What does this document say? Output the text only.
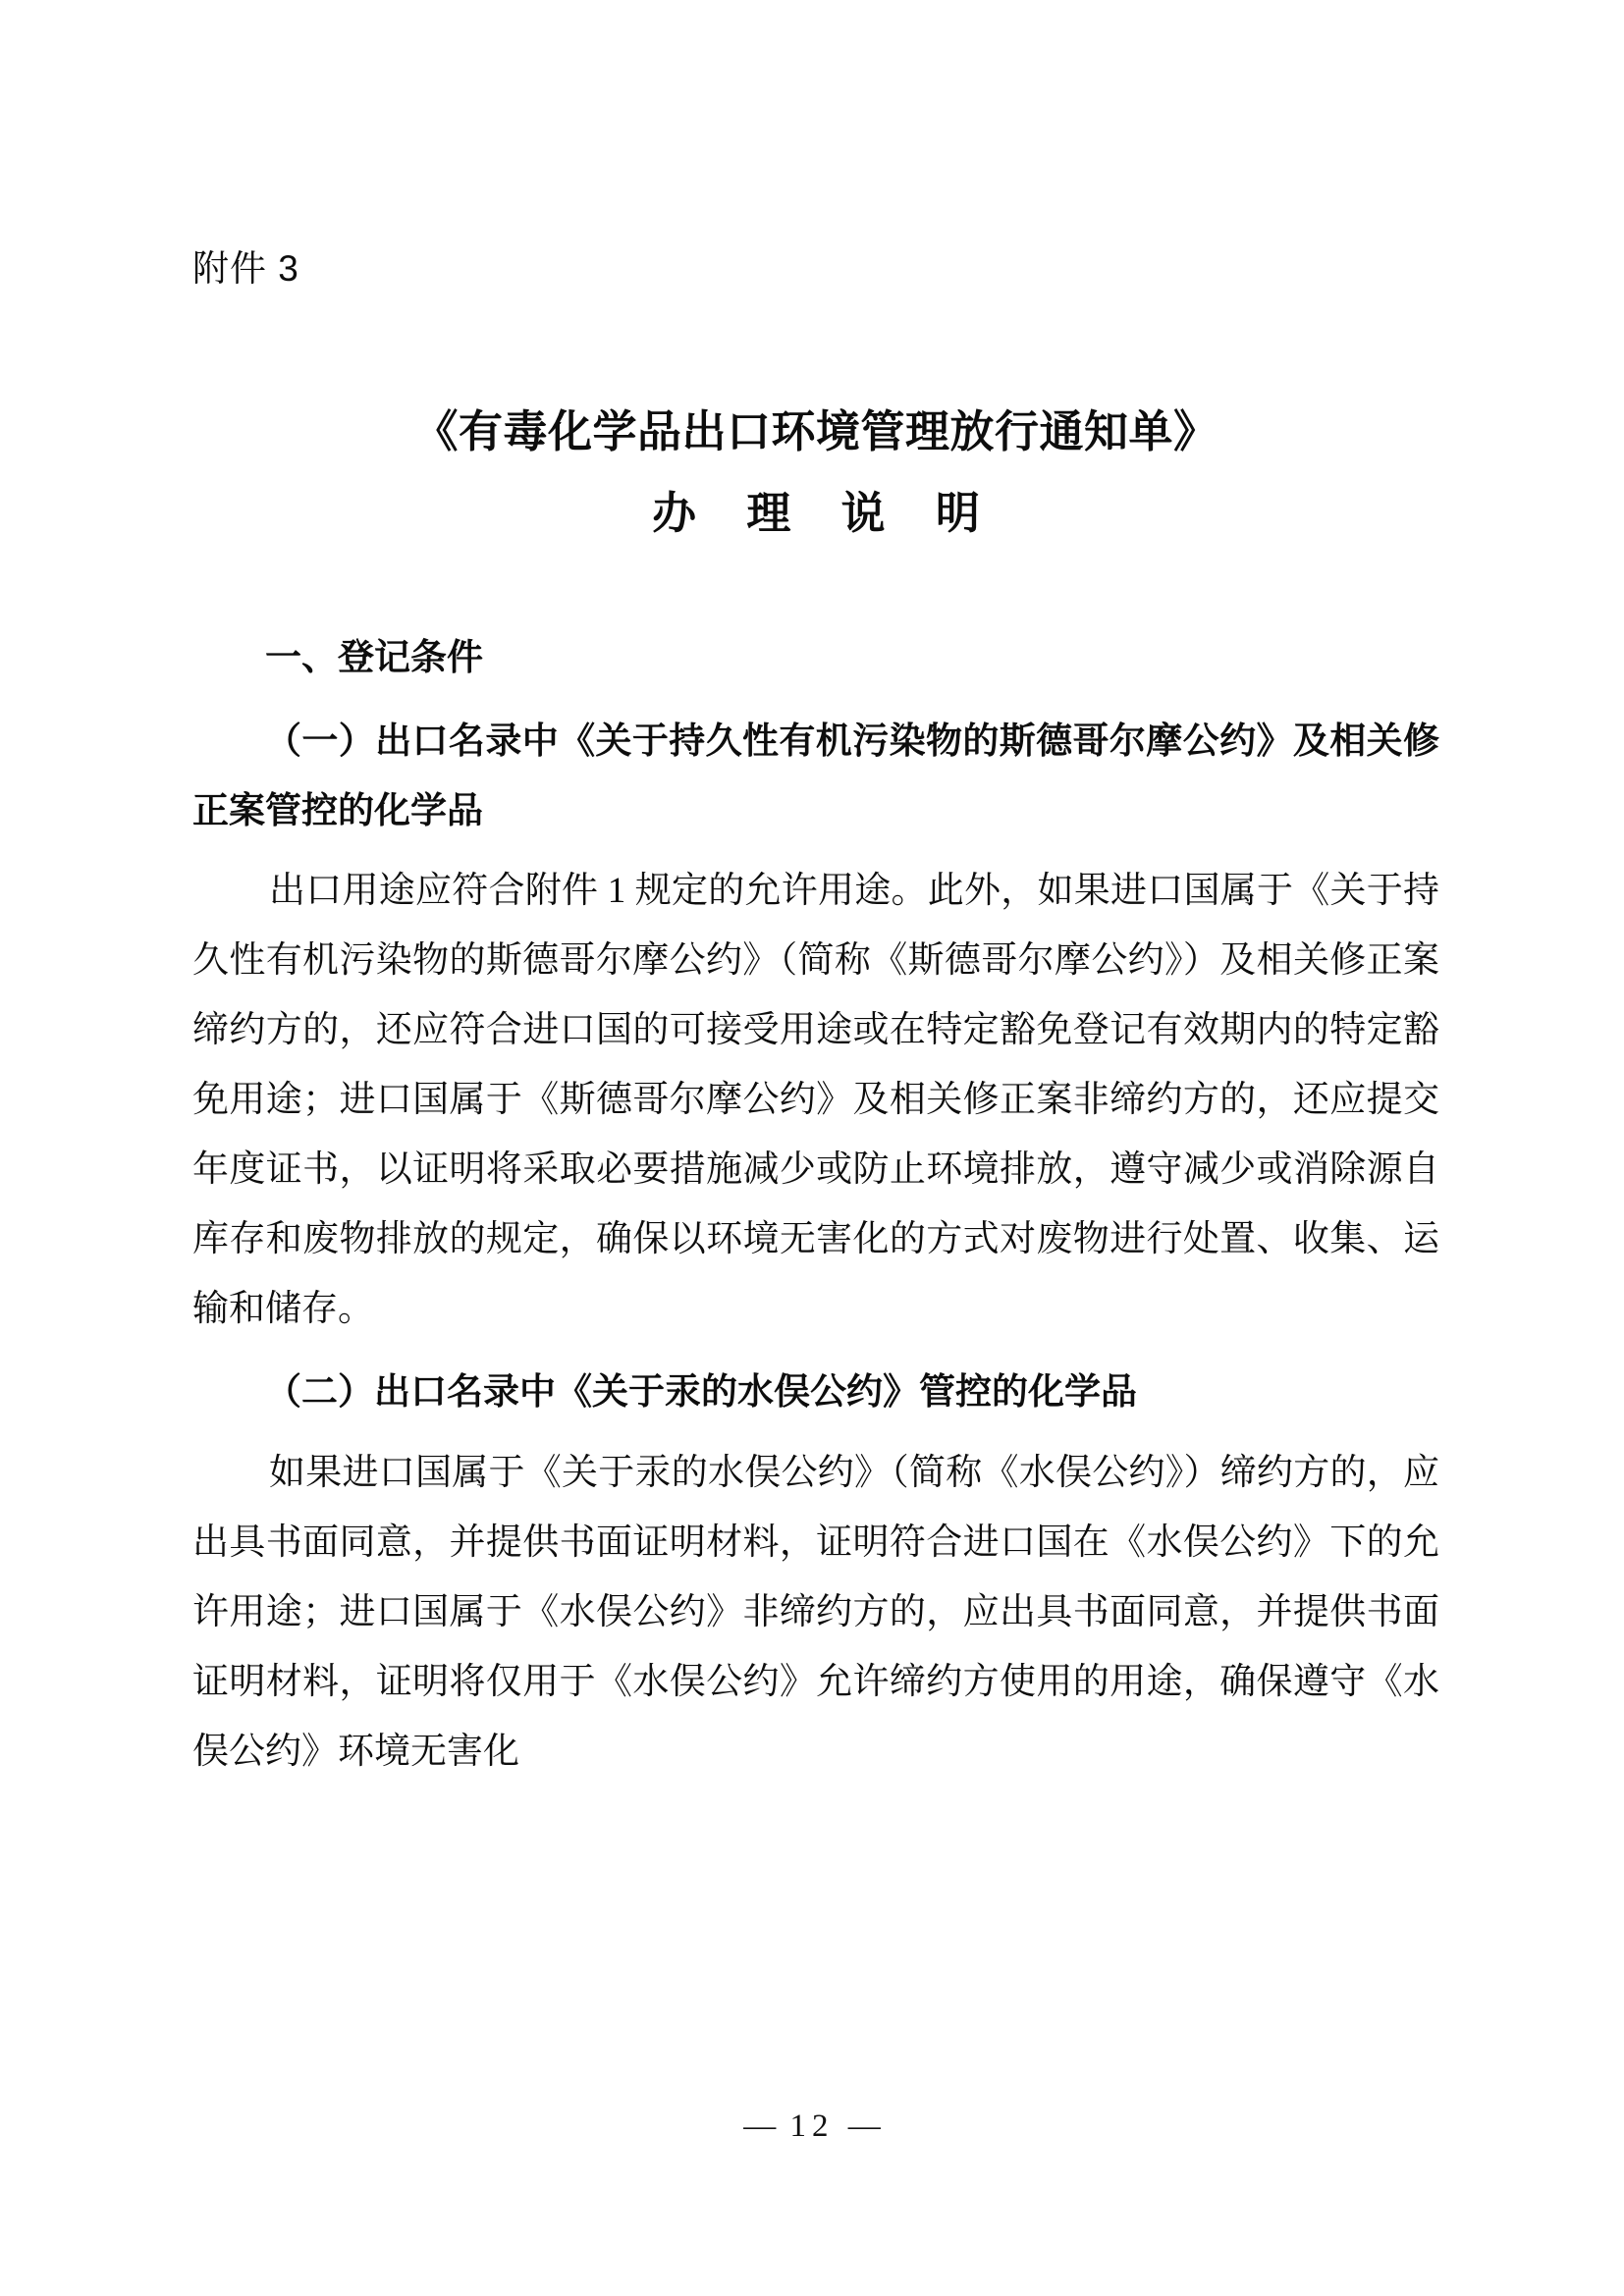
附件 3
《有毒化学品出口环境管理放行通知单》
办 理 说 明
一、登记条件
（一）出口名录中《关于持久性有机污染物的斯德哥尔摩公约》及相关修正案管控的化学品
出口用途应符合附件 1 规定的允许用途。此外，如果进口国属于《关于持久性有机污染物的斯德哥尔摩公约》（简称《斯德哥尔摩公约》）及相关修正案缔约方的，还应符合进口国的可接受用途或在特定豁免登记有效期内的特定豁免用途；进口国属于《斯德哥尔摩公约》及相关修正案非缔约方的，还应提交年度证书，以证明将采取必要措施减少或防止环境排放，遵守减少或消除源自库存和废物排放的规定，确保以环境无害化的方式对废物进行处置、收集、运输和储存。
（二）出口名录中《关于汞的水俣公约》管控的化学品
如果进口国属于《关于汞的水俣公约》（简称《水俣公约》）缔约方的，应出具书面同意，并提供书面证明材料，证明符合进口国在《水俣公约》下的允许用途；进口国属于《水俣公约》非缔约方的，应出具书面同意，并提供书面证明材料，证明将仅用于《水俣公约》允许缔约方使用的用途，确保遵守《水俣公约》环境无害化
— 12 —
